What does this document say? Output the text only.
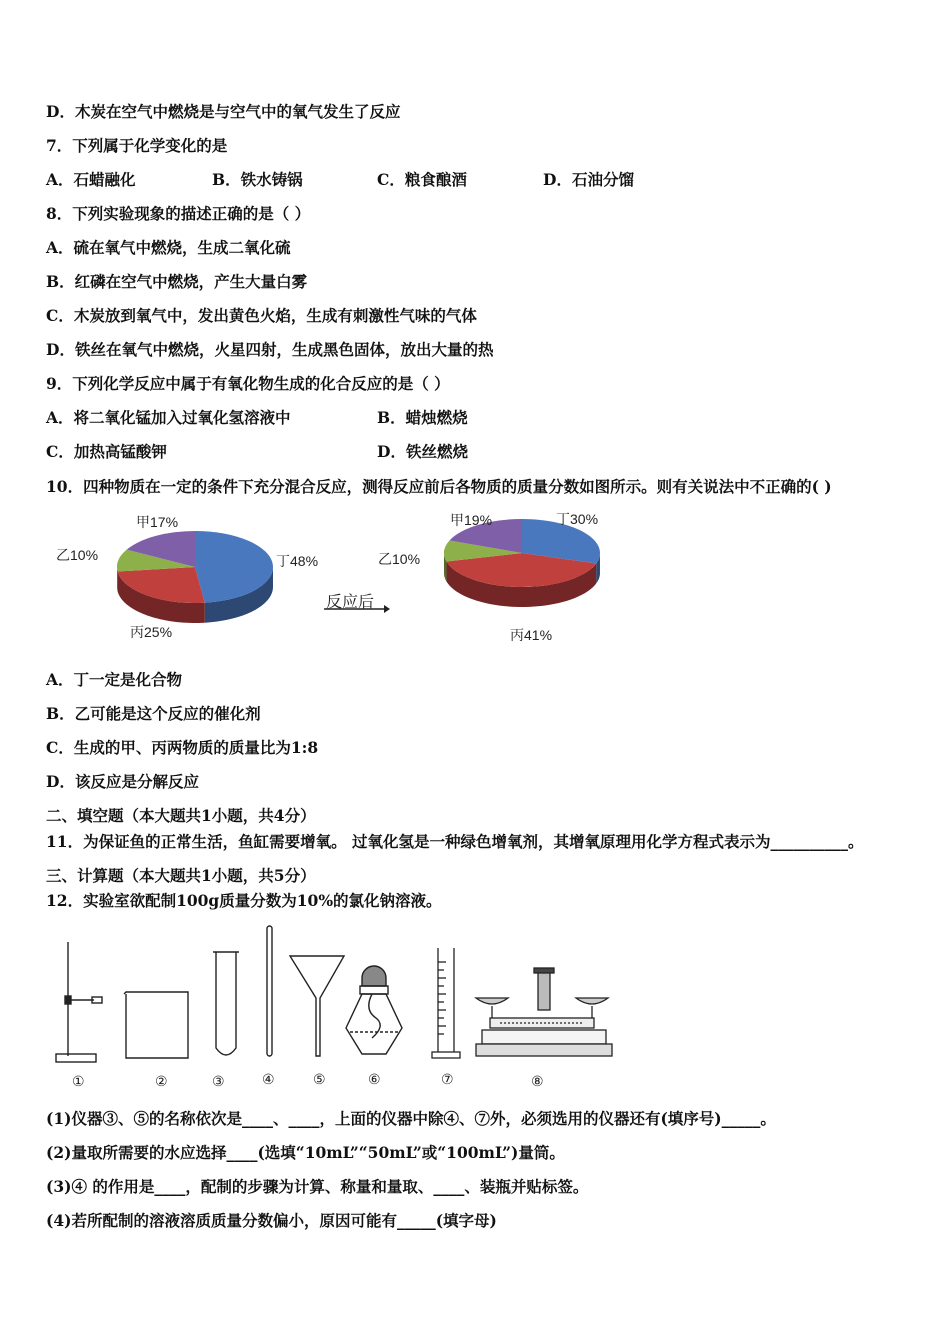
D．木炭在空气中燃烧是与空气中的氧气发生了反应
7．下列属于化学变化的是
A．石蜡融化	B．铁水铸锅	C．粮食酿酒	D．石油分馏
8．下列实验现象的描述正确的是（ ）
A．硫在氧气中燃烧，生成二氧化硫
B．红磷在空气中燃烧，产生大量白雾
C．木炭放到氧气中，发出黄色火焰，生成有刺激性气味的气体
D．铁丝在氧气中燃烧，火星四射，生成黑色固体，放出大量的热
9．下列化学反应中属于有氧化物生成的化合反应的是（ ）
A．将二氧化锰加入过氧化氢溶液中	B．蜡烛燃烧
C．加热高锰酸钾	D．铁丝燃烧
10．四种物质在一定的条件下充分混合反应，测得反应前后各物质的质量分数如图所示。则有关说法中不正确的( )
甲17%
乙10%
丙25%
丁48%
反应后
甲19%
乙10%
丙41%
丁30%
A．丁一定是化合物
B．乙可能是这个反应的催化剂
C．生成的甲、丙两物质的质量比为1:8
D．该反应是分解反应
二、填空题（本大题共1小题，共4分）
11．为保证鱼的正常生活，鱼缸需要增氧。 过氧化氢是一种绿色增氧剂，其增氧原理用化学方程式表示为__________。
三、计算题（本大题共1小题，共5分）
12．实验室欲配制100g质量分数为10%的氯化钠溶液。
①	②	③	④	⑤	⑥	⑦	⑧
(1)仪器③、⑤的名称依次是____、____，上面的仪器中除④、⑦外，必须选用的仪器还有(填序号)_____。
(2)量取所需要的水应选择____(选填“10mL”“50mL”或“100mL”)量筒。
(3)④ 的作用是____，配制的步骤为计算、称量和量取、____、装瓶并贴标签。
(4)若所配制的溶液溶质质量分数偏小，原因可能有_____(填字母)
